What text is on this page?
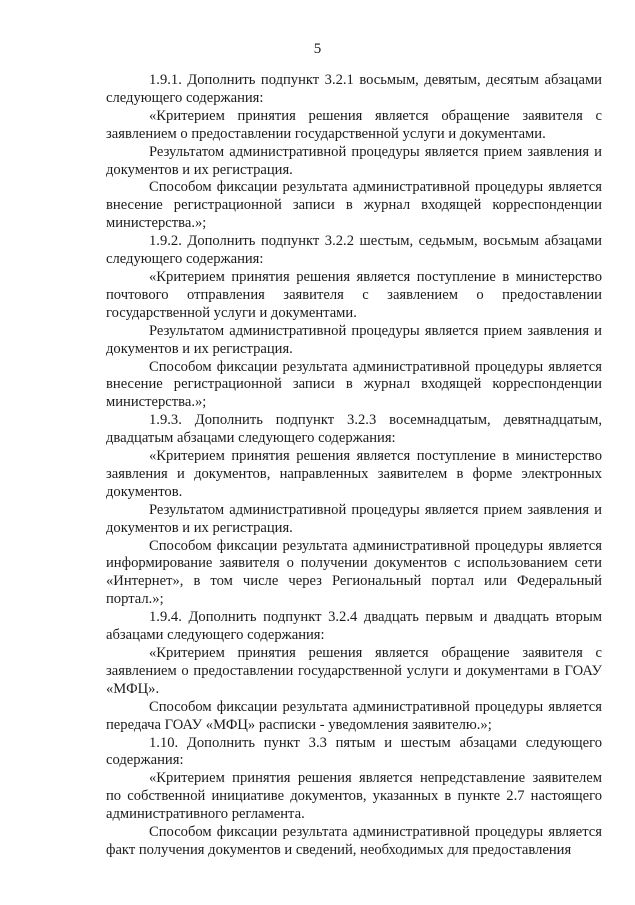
5

1.9.1. Дополнить подпункт 3.2.1 восьмым, девятым, десятым абзацами следующего содержания:

«Критерием принятия решения является обращение заявителя с заявлением о предоставлении государственной услуги и документами.

Результатом административной процедуры является прием заявления и документов и их регистрация.

Способом фиксации результата административной процедуры является внесение регистрационной записи в журнал входящей корреспонденции министерства.»;

1.9.2. Дополнить подпункт 3.2.2 шестым, седьмым, восьмым абзацами следующего содержания:

«Критерием принятия решения является поступление в министерство почтового отправления заявителя с заявлением о предоставлении государственной услуги и документами.

Результатом административной процедуры является прием заявления и документов и их регистрация.

Способом фиксации результата административной процедуры является внесение регистрационной записи в журнал входящей корреспонденции министерства.»;

1.9.3. Дополнить подпункт 3.2.3 восемнадцатым, девятнадцатым, двадцатым абзацами следующего содержания:

«Критерием принятия решения является поступление в министерство заявления и документов, направленных заявителем в форме электронных документов.

Результатом административной процедуры является прием заявления и документов и их регистрация.

Способом фиксации результата административной процедуры является информирование заявителя о получении документов с использованием сети «Интернет», в том числе через Региональный портал или Федеральный портал.»;

1.9.4. Дополнить подпункт 3.2.4 двадцать первым и двадцать вторым абзацами следующего содержания:

«Критерием принятия решения является обращение заявителя с заявлением о предоставлении государственной услуги и документами в ГОАУ «МФЦ».

Способом фиксации результата административной процедуры является передача ГОАУ «МФЦ» расписки - уведомления заявителю.»;

1.10. Дополнить пункт 3.3 пятым и шестым абзацами следующего содержания:

«Критерием принятия решения является непредставление заявителем по собственной инициативе документов, указанных в пункте 2.7 настоящего административного регламента.

Способом фиксации результата административной процедуры является факт получения документов и сведений, необходимых для предоставления
